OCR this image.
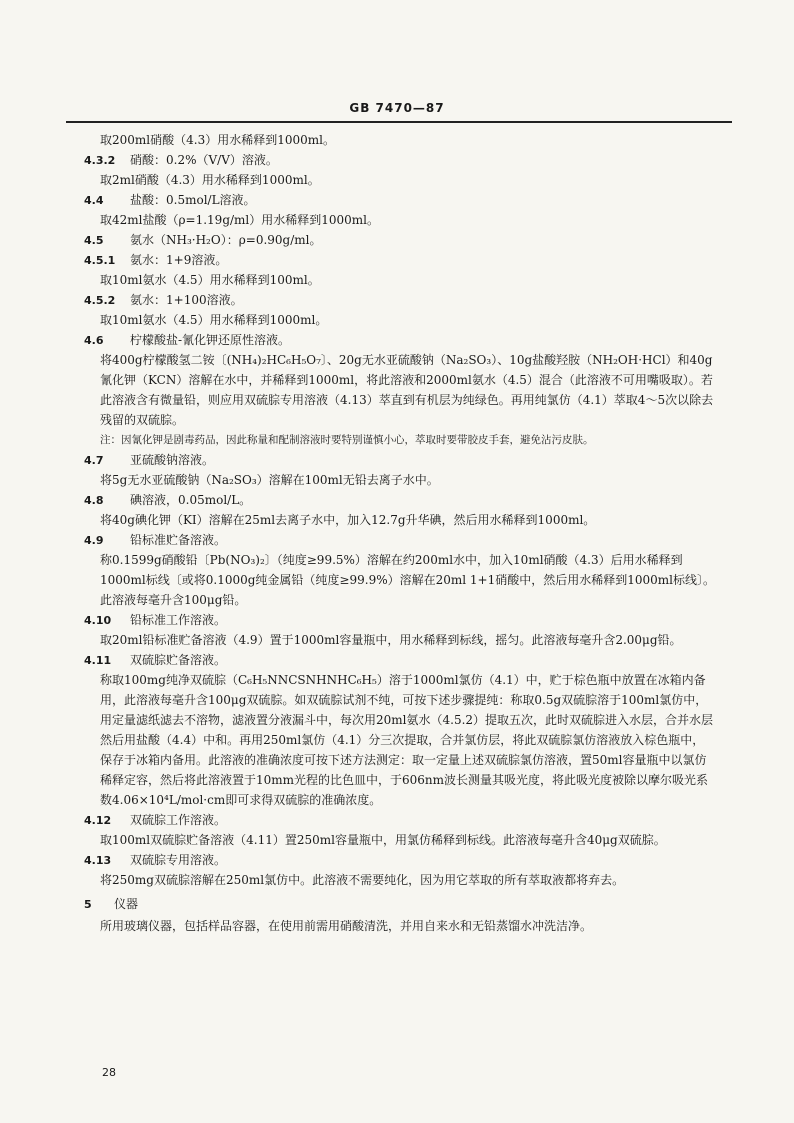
GB 7470—87
取200ml硝酸（4.3）用水稀释到1000ml。
4.3.2 硝酸：0.2%（V/V）溶液。
取2ml硝酸（4.3）用水稀释到1000ml。
4.4 盐酸：0.5mol/L溶液。
取42ml盐酸（ρ=1.19g/ml）用水稀释到1000ml。
4.5 氨水（NH₃·H₂O）：ρ=0.90g/ml。
4.5.1 氨水：1+9溶液。
取10ml氨水（4.5）用水稀释到100ml。
4.5.2 氨水：1+100溶液。
取10ml氨水（4.5）用水稀释到1000ml。
4.6 柠檬酸盐-氰化钾还原性溶液。
将400g柠檬酸氢二铵〔(NH₄)₂HC₆H₅O₇〕、20g无水亚硫酸钠（Na₂SO₃）、10g盐酸羟胺（NH₂OH·HCl）和40g氰化钾（KCN）溶解在水中，并稀释到1000ml，将此溶液和2000ml氨水（4.5）混合（此溶液不可用嘴吸取）。若此溶液含有微量铅，则应用双硫腙专用溶液（4.13）萃直到有机层为纯绿色。再用纯氯仿（4.1）萃取4～5次以除去残留的双硫腙。
注：因氰化钾是剧毒药品，因此称量和配制溶液时要特别谨慎小心，萃取时要带胶皮手套，避免沾污皮肤。
4.7 亚硫酸钠溶液。
将5g无水亚硫酸钠（Na₂SO₃）溶解在100ml无铅去离子水中。
4.8 碘溶液，0.05mol/L。
将40g碘化钾（KI）溶解在25ml去离子水中，加入12.7g升华碘，然后用水稀释到1000ml。
4.9 铅标准贮备溶液。
称0.1599g硝酸铅〔Pb(NO₃)₂〕（纯度≥99.5%）溶解在约200ml水中，加入10ml硝酸（4.3）后用水稀释到1000ml标线〔或将0.1000g纯金属铅（纯度≥99.9%）溶解在20ml 1+1硝酸中，然后用水稀释到1000ml标线〕。此溶液每毫升含100μg铅。
4.10 铅标准工作溶液。
取20ml铅标准贮备溶液（4.9）置于1000ml容量瓶中，用水稀释到标线，摇匀。此溶液每毫升含2.00μg铅。
4.11 双硫腙贮备溶液。
称取100mg纯净双硫腙（C₆H₅NNCSNHNHC₆H₅）溶于1000ml氯仿（4.1）中，贮于棕色瓶中放置在冰箱内备用，此溶液每毫升含100μg双硫腙。如双硫腙试剂不纯，可按下述步骤提纯：称取0.5g双硫腙溶于100ml氯仿中，用定量滤纸滤去不溶物，滤液置分液漏斗中，每次用20ml氨水（4.5.2）提取五次，此时双硫腙进入水层，合并水层然后用盐酸（4.4）中和。再用250ml氯仿（4.1）分三次提取，合并氯仿层，将此双硫腙氯仿溶液放入棕色瓶中，保存于冰箱内备用。此溶液的准确浓度可按下述方法测定：取一定量上述双硫腙氯仿溶液，置50ml容量瓶中以氯仿稀释定容，然后将此溶液置于10mm光程的比色皿中，于606nm波长测量其吸光度，将此吸光度被除以摩尔吸光系数4.06×10⁴L/mol·cm即可求得双硫腙的准确浓度。
4.12 双硫腙工作溶液。
取100ml双硫腙贮备溶液（4.11）置250ml容量瓶中，用氯仿稀释到标线。此溶液每毫升含40μg双硫腙。
4.13 双硫腙专用溶液。
将250mg双硫腙溶解在250ml氯仿中。此溶液不需要纯化，因为用它萃取的所有萃取液都将弃去。
5 仪器
所用玻璃仪器，包括样品容器，在使用前需用硝酸清洗，并用自来水和无铅蒸馏水冲洗洁净。
28
